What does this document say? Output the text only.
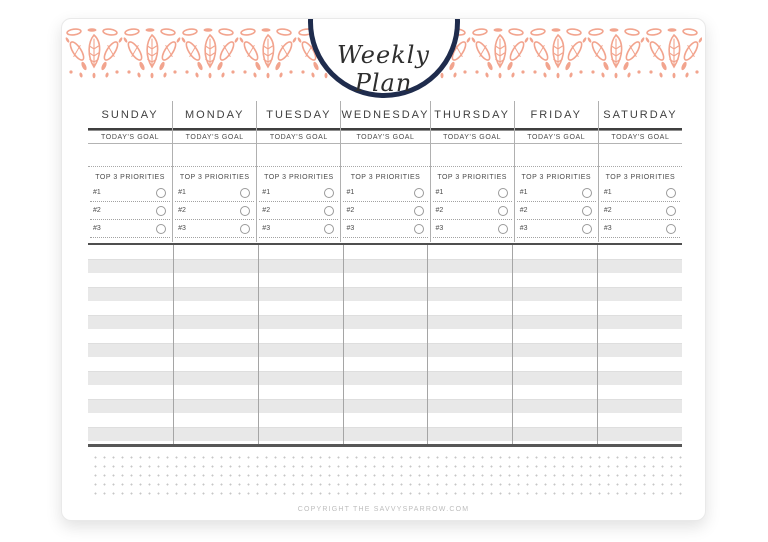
Weekly Plan
SUNDAY
TODAY'S GOAL
TOP 3 PRIORITIES
#1
#2
#3
MONDAY
TODAY'S GOAL
TOP 3 PRIORITIES
#1
#2
#3
TUESDAY
TODAY'S GOAL
TOP 3 PRIORITIES
#1
#2
#3
WEDNESDAY
TODAY'S GOAL
TOP 3 PRIORITIES
#1
#2
#3
THURSDAY
TODAY'S GOAL
TOP 3 PRIORITIES
#1
#2
#3
FRIDAY
TODAY'S GOAL
TOP 3 PRIORITIES
#1
#2
#3
SATURDAY
TODAY'S GOAL
TOP 3 PRIORITIES
#1
#2
#3
COPYRIGHT THE SAVVYSPARROW.COM
